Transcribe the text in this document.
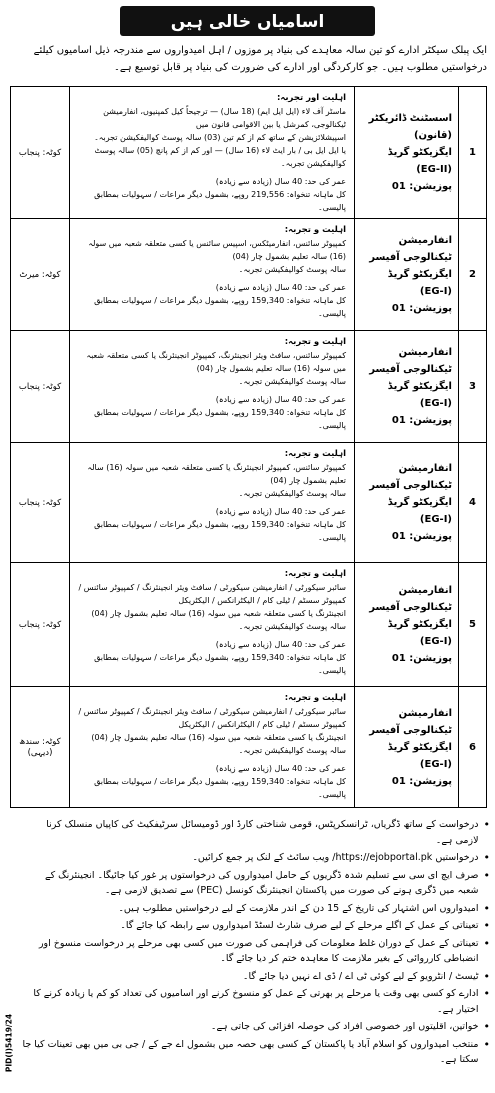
اسامیاں خالی ہیں
ایک پبلک سیکٹر ادارے کو تین سالہ معاہدے کی بنیاد پر موزوں / اہل امیدواروں سے مندرجہ ذیل اسامیوں کیلئے درخواستیں مطلوب ہیں۔ جو کارکردگی اور ادارے کی ضرورت کی بنیاد پر قابل توسیع ہے۔
1
اسسٹنٹ ڈائریکٹر
(قانون)
ایگزیکٹو گریڈ (EG-II)
پوزیشن: 01
اہلیت اور تجربہ:
ماسٹر آف لاء (ایل ایل ایم) (18 سال) — ترجیحاً کیل کمپنیوں، انفارمیشن ٹیکنالوجی، کمرشل یا بین الاقوامی قانون میں
اسپیشلائزیشن کے ساتھ کم از کم تین (03) سالہ پوسٹ کوالیفکیشن تجربہ۔
یا ایل ایل بی / بار ایٹ لاء (16 سال) — اور کم از کم پانچ (05) سالہ پوسٹ کوالیفکیشن تجربہ۔
عمر کی حد: 40 سال (زیادہ سے زیادہ)
کل ماہانہ تنخواہ: 219,556 روپے، بشمول دیگر مراعات / سہولیات بمطابق پالیسی۔
کوٹہ: پنجاب
2
انفارمیشن ٹیکنالوجی آفیسر
ایگزیکٹو گریڈ (EG-I)
پوزیشن: 01
اہلیت و تجربہ:
کمپیوٹر سائنس، انفارمیٹکس، اسپیس سائنس یا کسی متعلقہ شعبہ میں سولہ (16) سالہ تعلیم بشمول چار (04)
سالہ پوسٹ کوالیفکیشن تجربہ۔
عمر کی حد: 40 سال (زیادہ سے زیادہ)
کل ماہانہ تنخواہ: 159,340 روپے، بشمول دیگر مراعات / سہولیات بمطابق پالیسی۔
کوٹہ: میرٹ
3
انفارمیشن ٹیکنالوجی آفیسر
ایگزیکٹو گریڈ (EG-I)
پوزیشن: 01
اہلیت و تجربہ:
کمپیوٹر سائنس، سافٹ ویئر انجینئرنگ، کمپیوٹر انجینئرنگ یا کسی متعلقہ شعبہ میں سولہ (16) سالہ تعلیم بشمول چار (04)
سالہ پوسٹ کوالیفکیشن تجربہ۔
عمر کی حد: 40 سال (زیادہ سے زیادہ)
کل ماہانہ تنخواہ: 159,340 روپے، بشمول دیگر مراعات / سہولیات بمطابق پالیسی۔
کوٹہ: پنجاب
4
انفارمیشن ٹیکنالوجی آفیسر
ایگزیکٹو گریڈ (EG-I)
پوزیشن: 01
اہلیت و تجربہ:
کمپیوٹر سائنس، کمپیوٹر انجینئرنگ یا کسی متعلقہ شعبہ میں سولہ (16) سالہ تعلیم بشمول چار (04)
سالہ پوسٹ کوالیفکیشن تجربہ۔
عمر کی حد: 40 سال (زیادہ سے زیادہ)
کل ماہانہ تنخواہ: 159,340 روپے، بشمول دیگر مراعات / سہولیات بمطابق پالیسی۔
کوٹہ: پنجاب
5
انفارمیشن ٹیکنالوجی آفیسر
ایگزیکٹو گریڈ (EG-I)
پوزیشن: 01
اہلیت و تجربہ:
سائبر سیکورٹی / انفارمیشن سیکورٹی / سافٹ ویئر انجینئرنگ / کمپیوٹر سائنس / کمپیوٹر سسٹم / ٹیلی کام / الیکٹرانکس / الیکٹریکل
انجینئرنگ یا کسی متعلقہ شعبہ میں سولہ (16) سالہ تعلیم بشمول چار (04) سالہ پوسٹ کوالیفکیشن تجربہ۔
عمر کی حد: 40 سال (زیادہ سے زیادہ)
کل ماہانہ تنخواہ: 159,340 روپے، بشمول دیگر مراعات / سہولیات بمطابق پالیسی۔
کوٹہ: پنجاب
6
انفارمیشن ٹیکنالوجی آفیسر
ایگزیکٹو گریڈ (EG-I)
پوزیشن: 01
اہلیت و تجربہ:
سائبر سیکورٹی / انفارمیشن سیکورٹی / سافٹ ویئر انجینئرنگ / کمپیوٹر سائنس / کمپیوٹر سسٹم / ٹیلی کام / الیکٹرانکس / الیکٹریکل
انجینئرنگ یا کسی متعلقہ شعبہ میں سولہ (16) سالہ تعلیم بشمول چار (04) سالہ پوسٹ کوالیفکیشن تجربہ۔
عمر کی حد: 40 سال (زیادہ سے زیادہ)
کل ماہانہ تنخواہ: 159,340 روپے، بشمول دیگر مراعات / سہولیات بمطابق پالیسی۔
کوٹہ: سندھ (دیہی)
•
درخواست کے ساتھ ڈگریاں، ٹرانسکرپٹس، قومی شناختی کارڈ اور ڈومیسائل سرٹیفکیٹ کی کاپیاں منسلک کرنا لازمی ہے۔
•
درخواستیں https://ejobportal.pk/ ویب سائٹ کے لنک پر جمع کرائیں۔
•
صرف ایچ ای سی سے تسلیم شدہ ڈگریوں کے حامل امیدواروں کی درخواستوں پر غور کیا جائیگا۔ انجینئرنگ کے شعبہ میں ڈگری ہونے کی صورت میں پاکستان انجینئرنگ کونسل (PEC) سے تصدیق لازمی ہے۔
•
امیدواروں اس اشتہار کی تاریخ کے 15 دن کے اندر ملازمت کے لیے درخواستیں مطلوب ہیں۔
•
تعیناتی کے عمل کے اگلے مرحلے کے لیے صرف شارٹ لسٹڈ امیدواروں سے رابطہ کیا جائے گا۔
•
تعیناتی کے عمل کے دوران غلط معلومات کی فراہمی کی صورت میں کسی بھی مرحلے پر درخواست منسوخ اور انضباطی کارروائی کے بغیر ملازمت کا معاہدہ ختم کر دیا جائے گا۔
•
ٹیسٹ / انٹرویو کے لیے کوئی ٹی اے / ڈی اے نہیں دیا جائے گا۔
•
ادارے کو کسی بھی وقت یا مرحلے پر بھرتی کے عمل کو منسوخ کرنے اور اسامیوں کی تعداد کو کم یا زیادہ کرنے کا اختیار ہے۔
•
خواتین، اقلیتوں اور خصوصی افراد کی حوصلہ افزائی کی جاتی ہے۔
•
منتخب امیدواروں کو اسلام آباد یا پاکستان کے کسی بھی حصہ میں بشمول اے جے کے / جی بی میں بھی تعینات کیا جا سکتا ہے۔
PID(I)5419/24
